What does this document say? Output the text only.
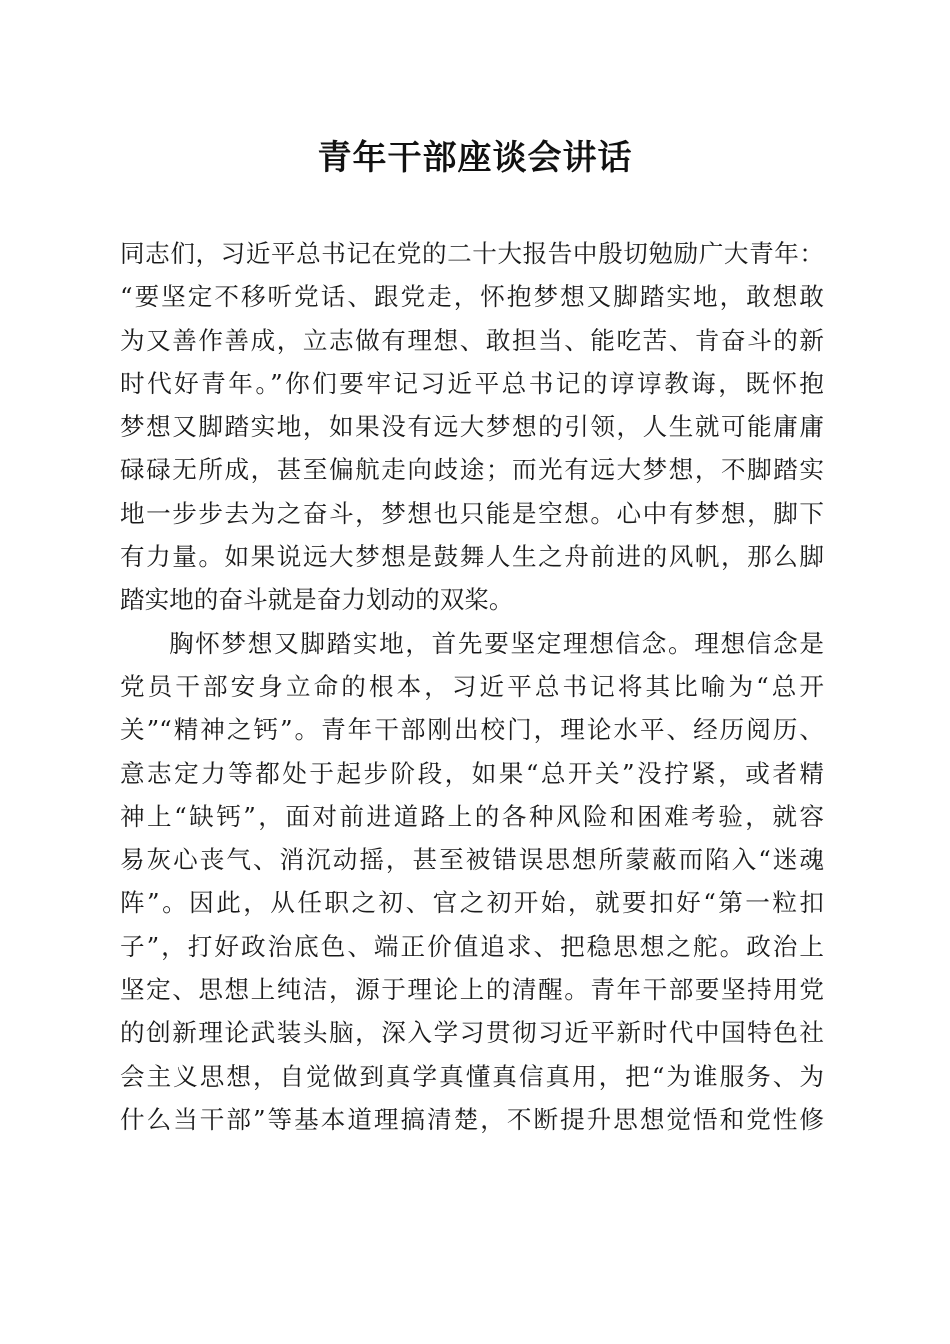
青年干部座谈会讲话
同志们，习近平总书记在党的二十大报告中殷切勉励广大青年：
“要坚定不移听党话、跟党走，怀抱梦想又脚踏实地，敢想敢
为又善作善成，立志做有理想、敢担当、能吃苦、肯奋斗的新
时代好青年。”你们要牢记习近平总书记的谆谆教诲，既怀抱
梦想又脚踏实地，如果没有远大梦想的引领，人生就可能庸庸
碌碌无所成，甚至偏航走向歧途；而光有远大梦想，不脚踏实
地一步步去为之奋斗，梦想也只能是空想。心中有梦想，脚下
有力量。如果说远大梦想是鼓舞人生之舟前进的风帆，那么脚
踏实地的奋斗就是奋力划动的双桨。
胸怀梦想又脚踏实地，首先要坚定理想信念。理想信念是
党员干部安身立命的根本，习近平总书记将其比喻为“总开
关”“精神之钙”。青年干部刚出校门，理论水平、经历阅历、
意志定力等都处于起步阶段，如果“总开关”没拧紧，或者精
神上“缺钙”，面对前进道路上的各种风险和困难考验，就容
易灰心丧气、消沉动摇，甚至被错误思想所蒙蔽而陷入“迷魂
阵”。因此，从任职之初、官之初开始，就要扣好“第一粒扣
子”，打好政治底色、端正价值追求、把稳思想之舵。政治上
坚定、思想上纯洁，源于理论上的清醒。青年干部要坚持用党
的创新理论武装头脑，深入学习贯彻习近平新时代中国特色社
会主义思想，自觉做到真学真懂真信真用，把“为谁服务、为
什么当干部”等基本道理搞清楚，不断提升思想觉悟和党性修
